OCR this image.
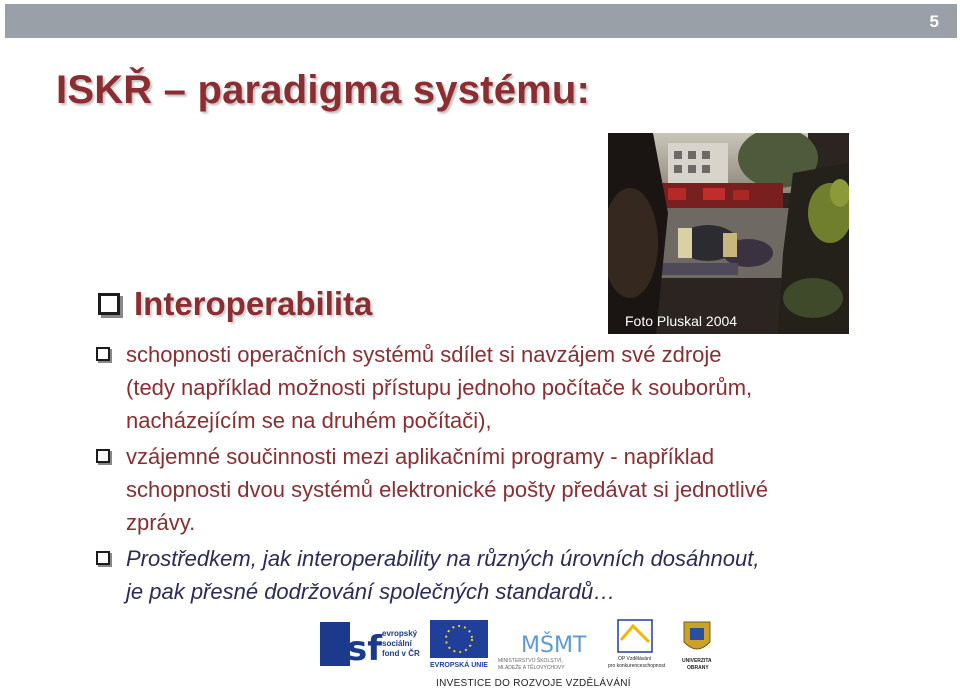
5
ISKŘ – paradigma systému:
Foto Pluskal 2004
Interoperabilita
schopnosti operačních systémů sdílet si navzájem své zdroje
(tedy například možnosti přístupu jednoho počítače k souborům,
nacházejícím se na druhém počítači),
vzájemné součinnosti mezi aplikačními programy - například
schopnosti dvou systémů elektronické pošty předávat si jednotlivé
zprávy.
Prostředkem, jak interoperability na různých úrovních dosáhnout,
je pak přesné dodržování společných standardů…
esf evropský
sociální
fond v ČR
EVROPSKÁ UNIE
MŠMT
MINISTERSTVO ŠKOLSTVÍ,
MLÁDEŽE A TĚLOVÝCHOVY
OP Vzdělávání
pro konkurenceschopnost
UNIVERZITA
OBRANY
INVESTICE DO ROZVOJE VZDĚLÁVÁNÍ
